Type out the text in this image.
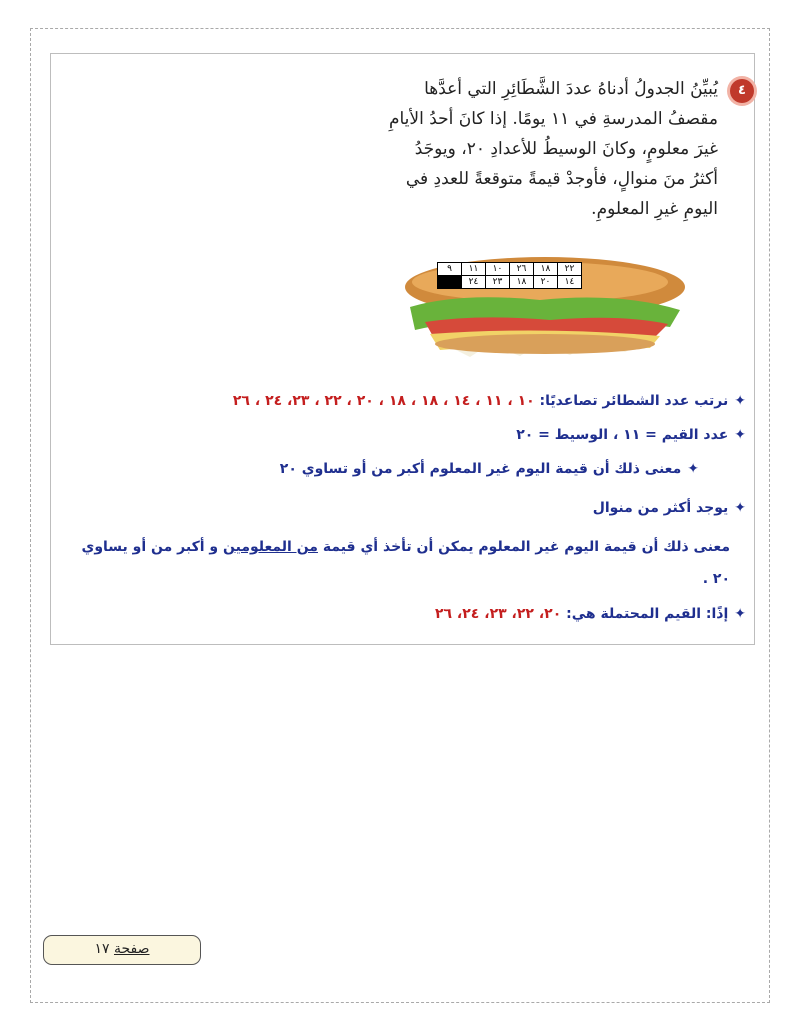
٤
يُبيِّنُ الجدولُ أدناهُ عددَ الشَّطَائِرِ التي أعدَّها مقصفُ المدرسةِ في ١١ يومًا. إذا كانَ أحدُ الأيامِ غيرَ معلومٍ، وكانَ الوسيطُ للأعدادِ ٢٠، ويوجَدُ أكثرُ منَ منوالٍ، فأوجدْ قيمةً متوقعةً للعددِ في اليومِ غيرِ المعلومِ.
٢٢	١٨	٢٦	١٠	١١	٩
١٤	٢٠	١٨	٢٣	٢٤	
✦نرتب عدد الشطائر تصاعديًا: ١٠ ، ١١ ، ١٤ ، ١٨ ، ١٨ ، ٢٠ ، ٢٢ ، ٢٣، ٢٤ ، ٢٦
✦عدد القيم = ١١ ، الوسيط = ٢٠
✦معنى ذلك أن قيمة اليوم غير المعلوم أكبر من أو تساوي ٢٠
✦يوجد أكثر من منوال
معنى ذلك أن قيمة اليوم غير المعلوم يمكن أن تأخذ أي قيمة من المعلومين و أكبر من أو يساوي
٢٠ .
✦إذًا: القيم المحتملة هي: ٢٠، ٢٢، ٢٣، ٢٤، ٢٦
صفحة ١٧
